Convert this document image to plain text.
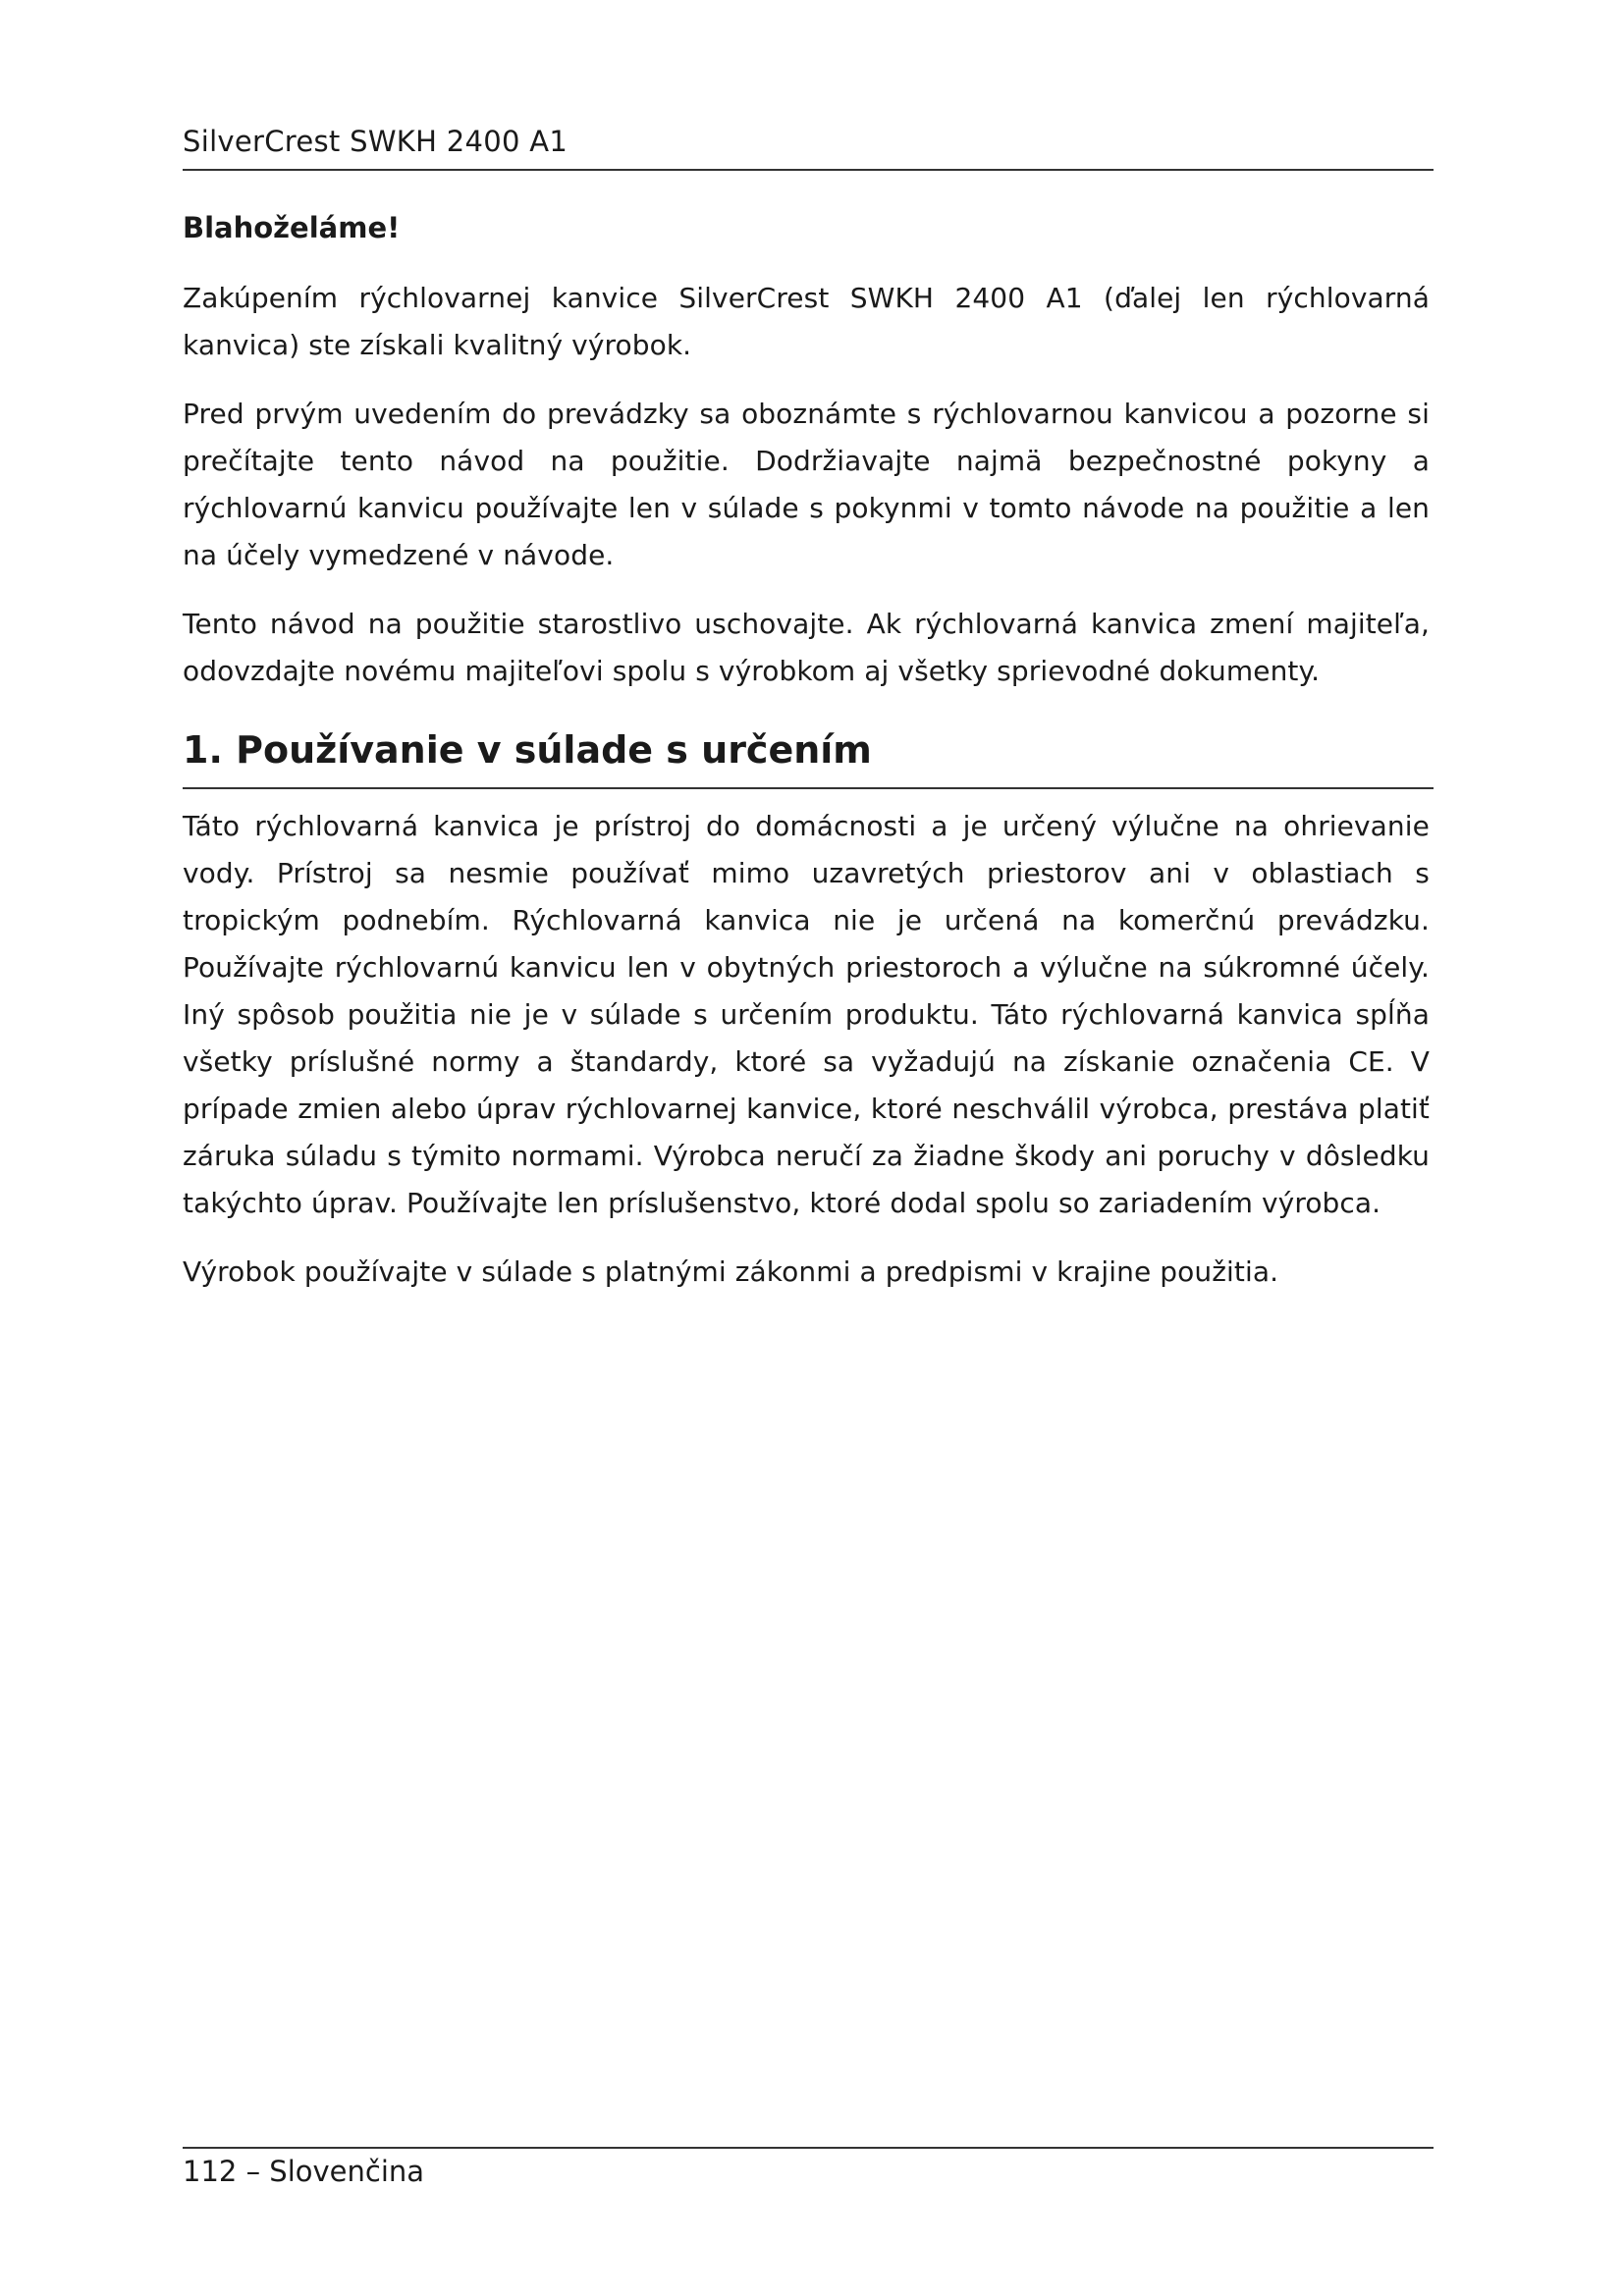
SilverCrest SWKH 2400 A1
Blahoželáme!

Zakúpením rýchlovarnej kanvice SilverCrest SWKH 2400 A1 (ďalej len rýchlovarná kanvica) ste získali kvalitný výrobok.

Pred prvým uvedením do prevádzky sa oboznámte s rýchlovarnou kanvicou a pozorne si prečítajte tento návod na použitie. Dodržiavajte najmä bezpečnostné pokyny a rýchlovarnú kanvicu používajte len v súlade s pokynmi v tomto návode na použitie a len na účely vymedzené v návode.

Tento návod na použitie starostlivo uschovajte. Ak rýchlovarná kanvica zmení majiteľa, odovzdajte novému majiteľovi spolu s výrobkom aj všetky sprievodné dokumenty.

1. Používanie v súlade s určením

Táto rýchlovarná kanvica je prístroj do domácnosti a je určený výlučne na ohrievanie vody. Prístroj sa nesmie používať mimo uzavretých priestorov ani v oblastiach s tropickým podnebím. Rýchlovarná kanvica nie je určená na komerčnú prevádzku. Používajte rýchlovarnú kanvicu len v obytných priestoroch a výlučne na súkromné účely. Iný spôsob použitia nie je v súlade s určením produktu. Táto rýchlovarná kanvica spĺňa všetky príslušné normy a štandardy, ktoré sa vyžadujú na získanie označenia CE. V prípade zmien alebo úprav rýchlovarnej kanvice, ktoré neschválil výrobca, prestáva platiť záruka súladu s týmito normami. Výrobca neručí za žiadne škody ani poruchy v dôsledku takýchto úprav. Používajte len príslušenstvo, ktoré dodal spolu so zariadením výrobca.

Výrobok používajte v súlade s platnými zákonmi a predpismi v krajine použitia.

112 – Slovenčina
